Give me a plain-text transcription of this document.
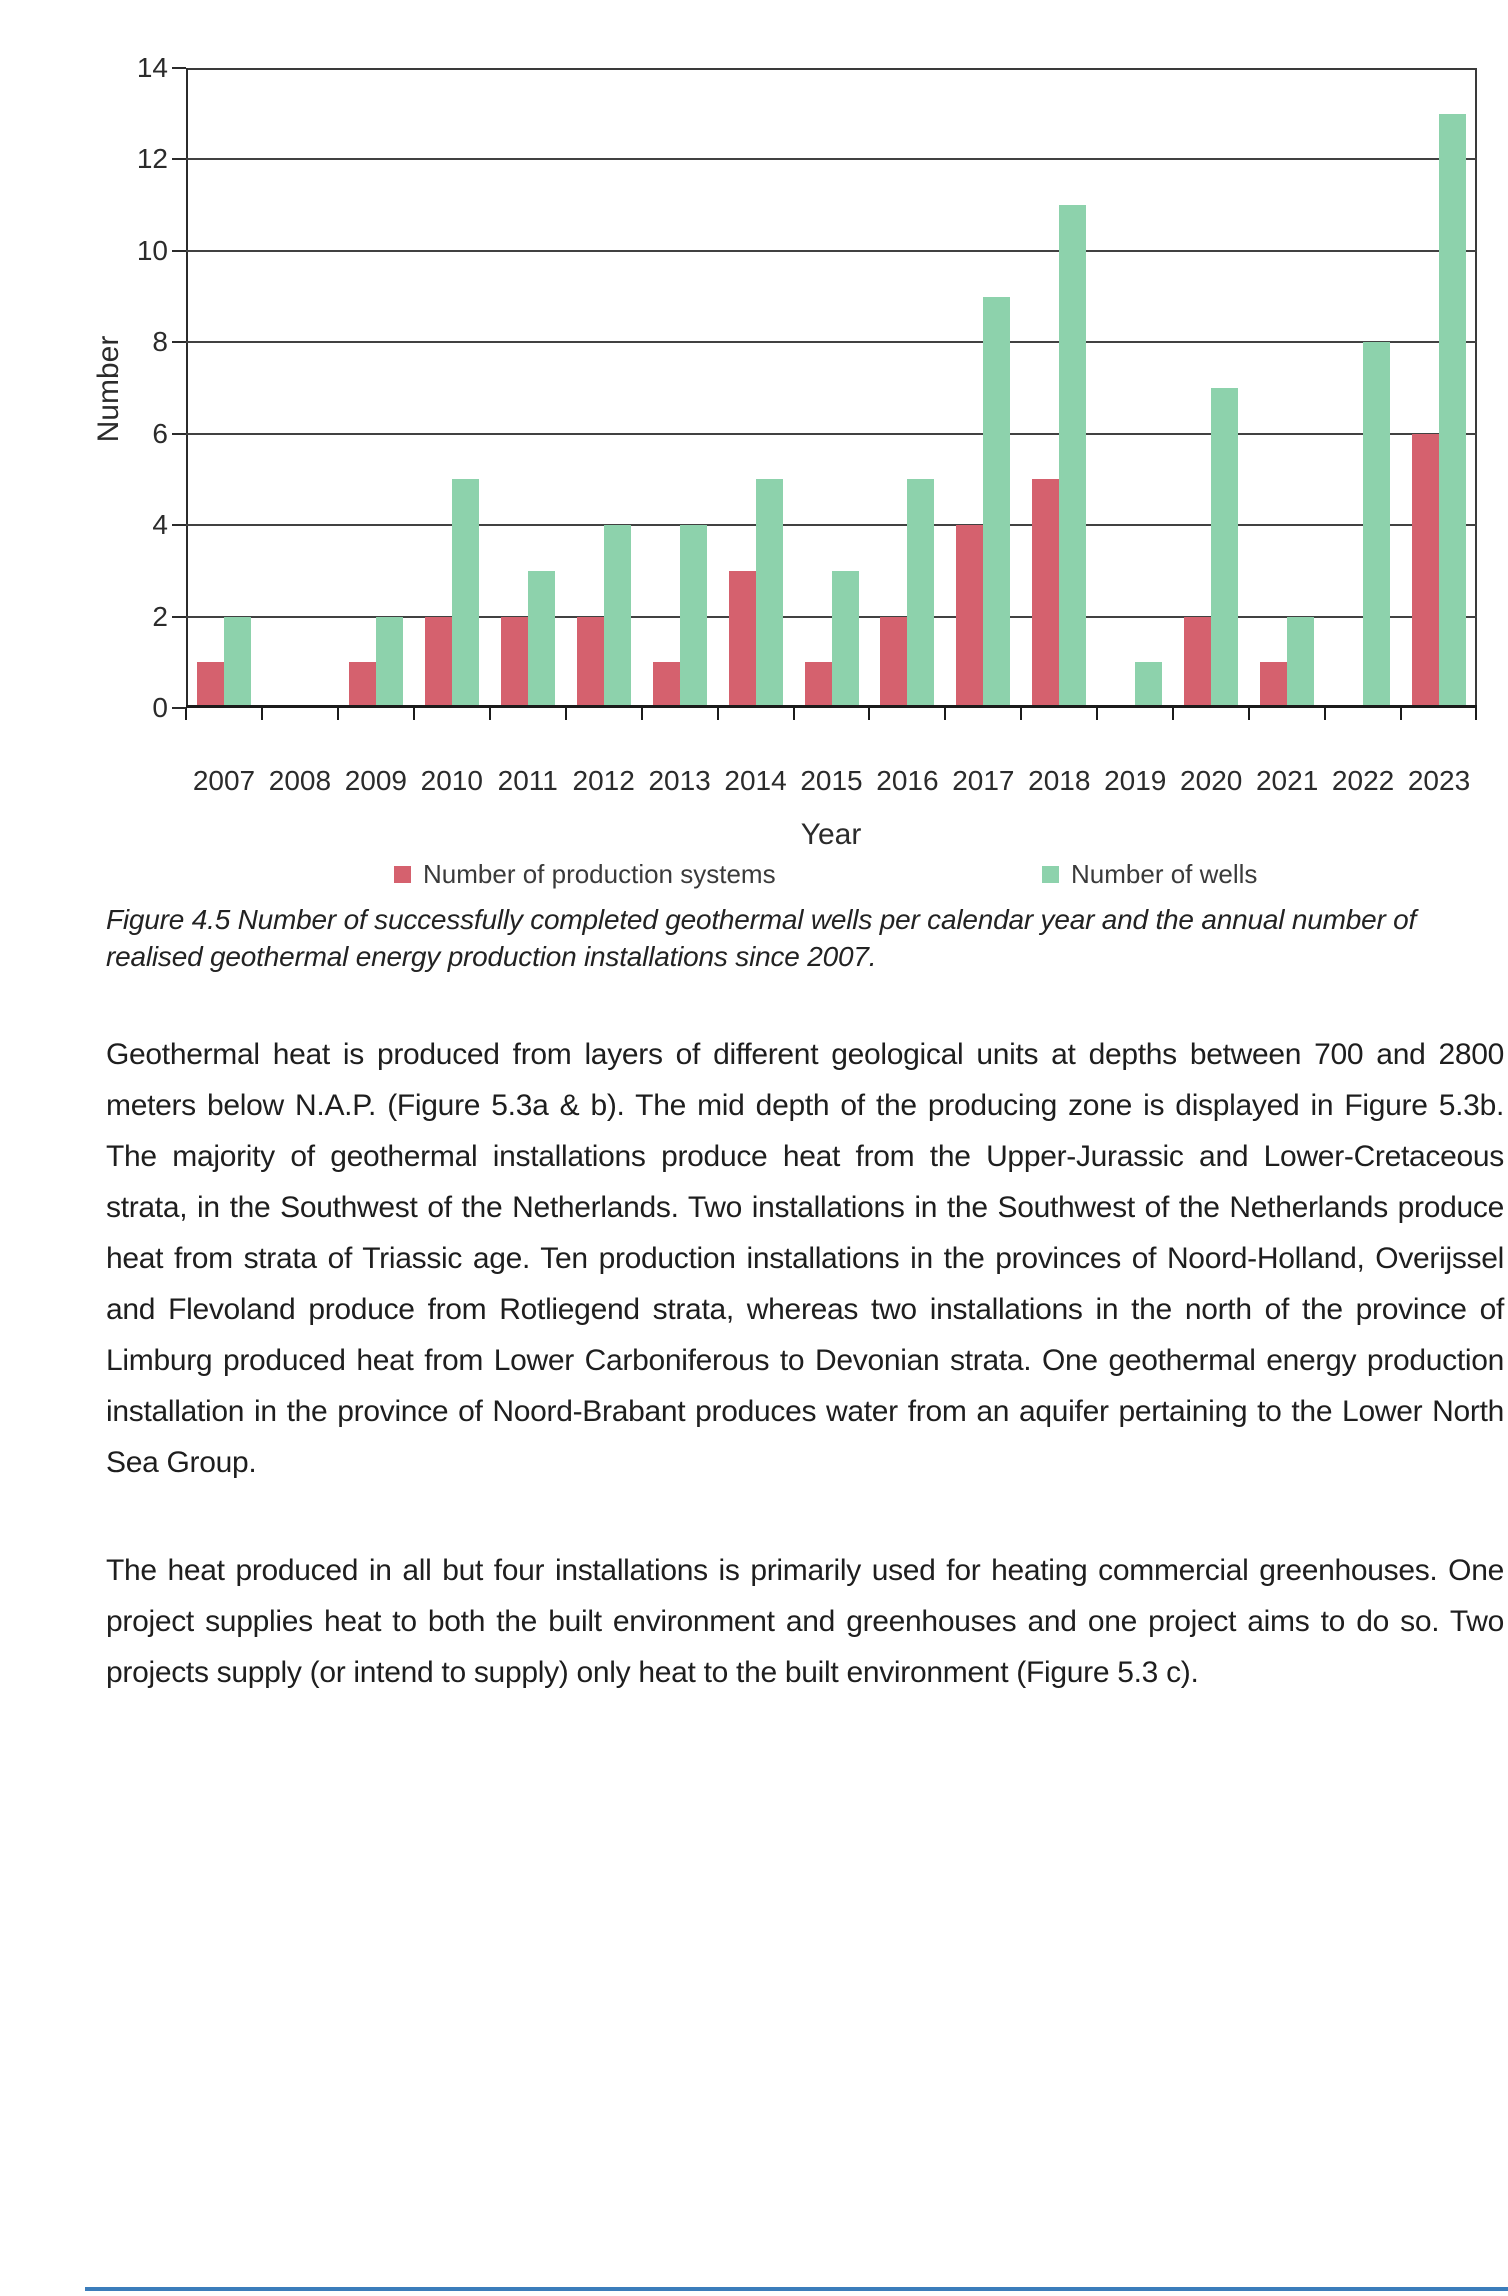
Number
0
2
4
6
8
10
12
14
2007 2008 2009 2010 2011 2012 2013 2014 2015 2016 2017 2018 2019 2020 2021 2022 2023
Year
Number of production systems	Number of wells

Figure 4.5 Number of successfully completed geothermal wells per calendar year and the annual number of realised geothermal energy production installations since 2007.

Geothermal heat is produced from layers of different geological units at depths between 700 and 2800 meters below N.A.P. (Figure 5.3a & b). The mid depth of the producing zone is displayed in Figure 5.3b. The majority of geothermal installations produce heat from the Upper-Jurassic and Lower-Cretaceous strata, in the Southwest of the Netherlands. Two installations in the Southwest of the Netherlands produce heat from strata of Triassic age. Ten production installations in the provinces of Noord-Holland, Overijssel and Flevoland produce from Rotliegend strata, whereas two installations in the north of the province of Limburg produced heat from Lower Carboniferous to Devonian strata. One geothermal energy production installation in the province of Noord-Brabant produces water from an aquifer pertaining to the Lower North Sea Group.

The heat produced in all but four installations is primarily used for heating commercial greenhouses. One project supplies heat to both the built environment and greenhouses and one project aims to do so. Two projects supply (or intend to supply) only heat to the built environment (Figure 5.3 c).
